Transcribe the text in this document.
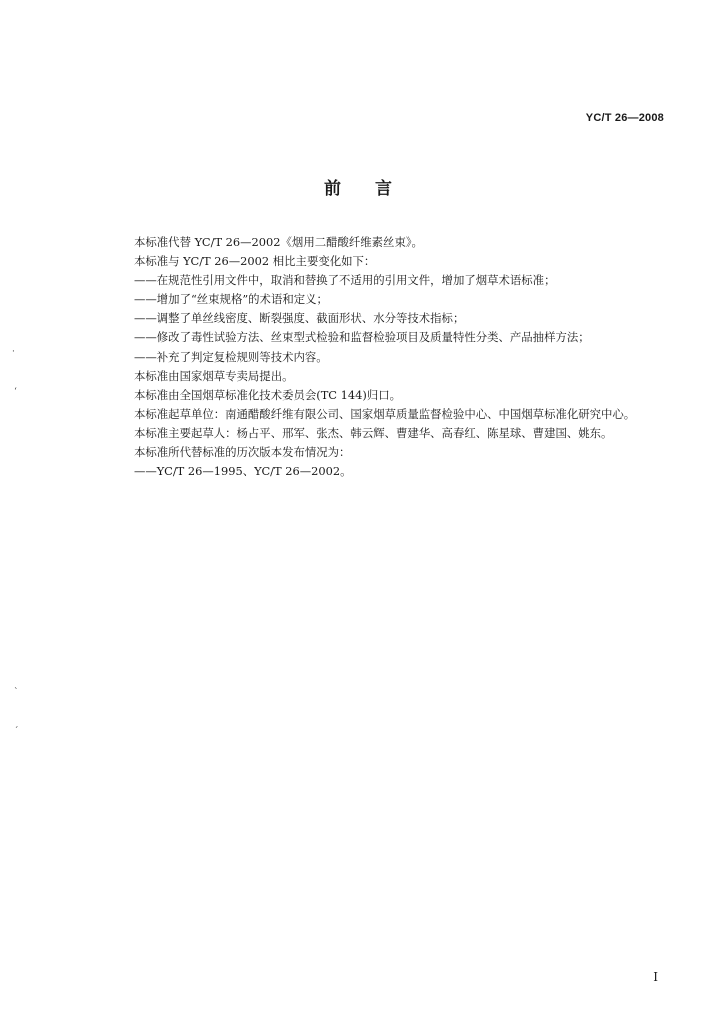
YC/T 26—2008
前言

本标准代替 YC/T 26—2002《烟用二醋酸纤维素丝束》。

本标准与 YC/T 26—2002 相比主要变化如下：

——在规范性引用文件中，取消和替换了不适用的引用文件，增加了烟草术语标准；

——增加了“丝束规格”的术语和定义；

——调整了单丝线密度、断裂强度、截面形状、水分等技术指标；

——修改了毒性试验方法、丝束型式检验和监督检验项目及质量特性分类、产品抽样方法；

——补充了判定复检规则等技术内容。

本标准由国家烟草专卖局提出。

本标准由全国烟草标准化技术委员会(TC 144)归口。

本标准起草单位：南通醋酸纤维有限公司、国家烟草质量监督检验中心、中国烟草标准化研究中心。

本标准主要起草人：杨占平、邢军、张杰、韩云辉、曹建华、高春红、陈星球、曹建国、姚东。

本标准所代替标准的历次版本发布情况为：

——YC/T 26—1995、YC/T 26—2002。

·
ʻ
ˋ
ˊ
I
